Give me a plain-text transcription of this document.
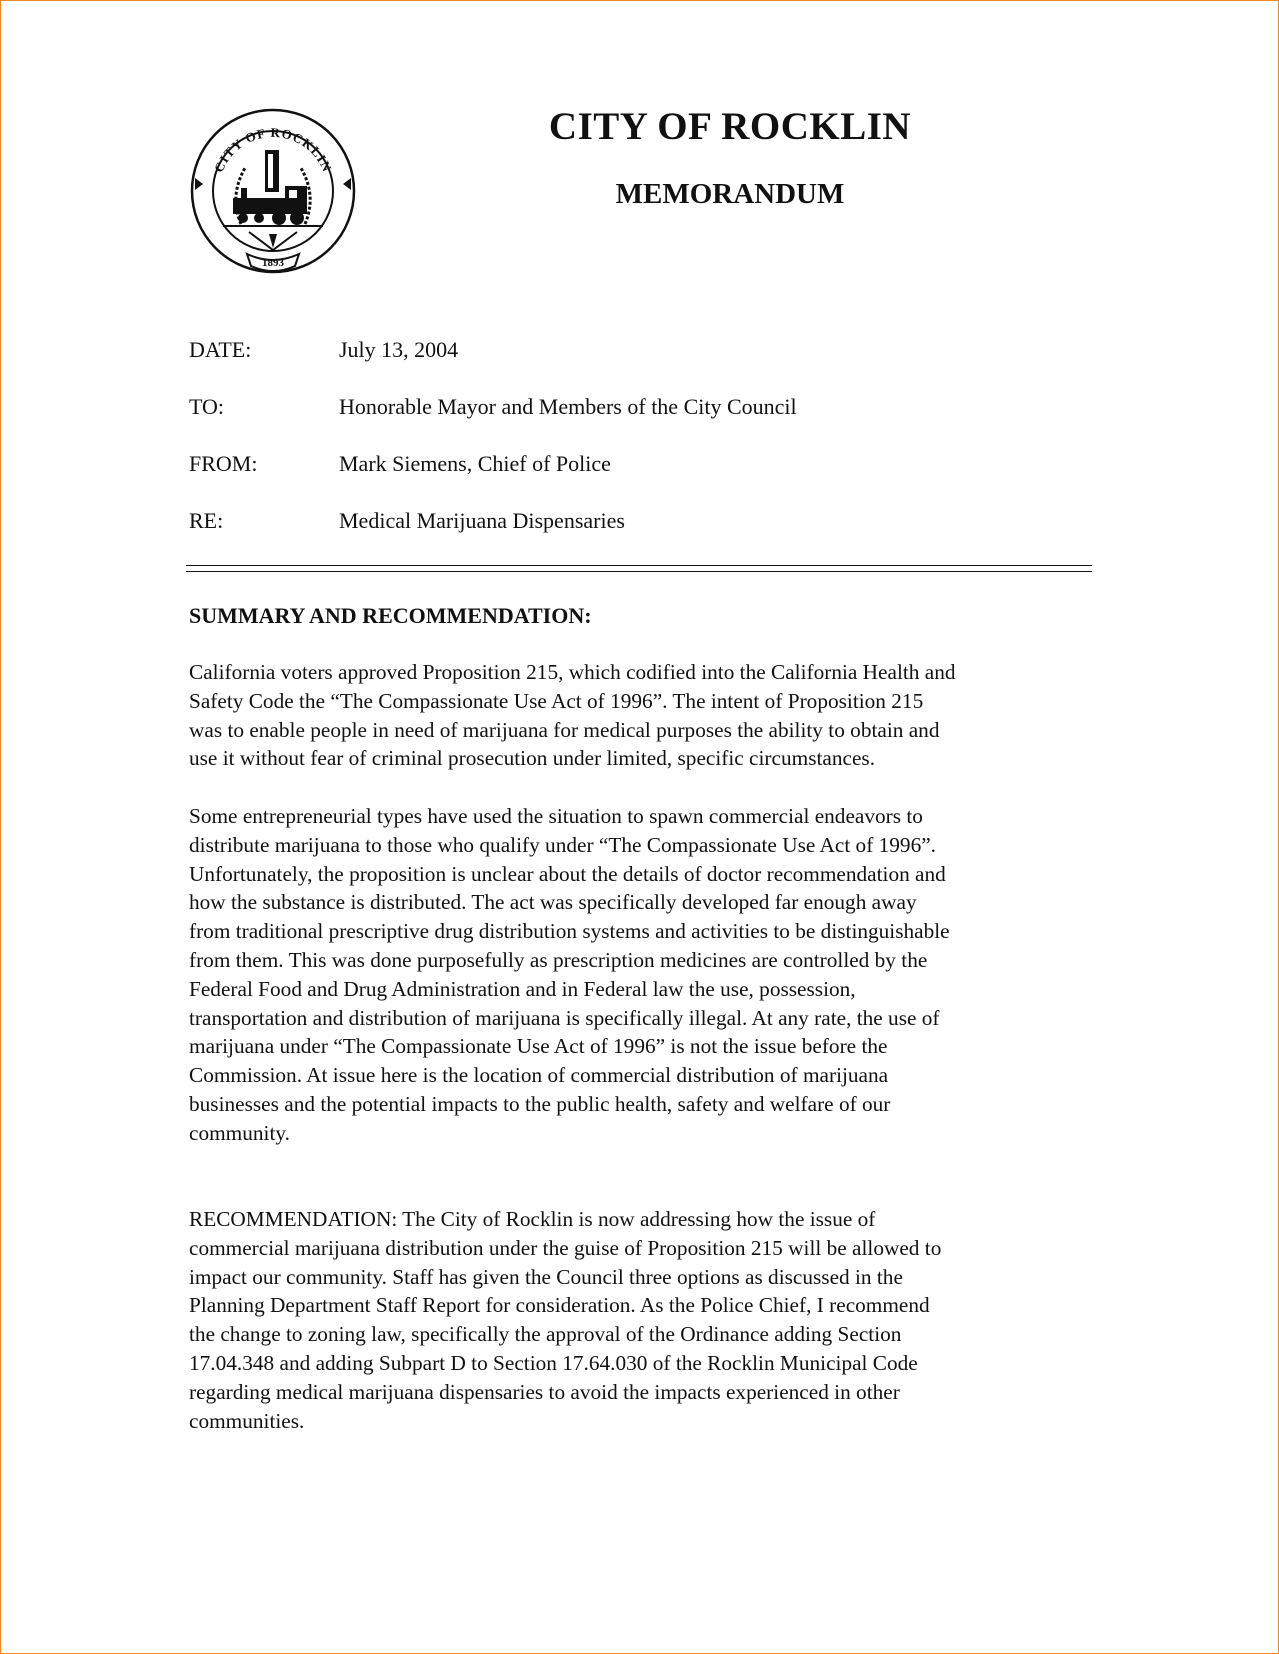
CITY OF ROCKLIN
1893
CITY OF ROCKLIN
MEMORANDUM
DATE:	July 13, 2004
TO:	Honorable Mayor and Members of the City Council
FROM:	Mark Siemens, Chief of Police
RE:	Medical Marijuana Dispensaries
SUMMARY AND RECOMMENDATION:
California voters approved Proposition 215, which codified into the California Health and
Safety Code the “The Compassionate Use Act of 1996”. The intent of Proposition 215
was to enable people in need of marijuana for medical purposes the ability to obtain and
use it without fear of criminal prosecution under limited, specific circumstances.
Some entrepreneurial types have used the situation to spawn commercial endeavors to
distribute marijuana to those who qualify under “The Compassionate Use Act of 1996”.
Unfortunately, the proposition is unclear about the details of doctor recommendation and
how the substance is distributed. The act was specifically developed far enough away
from traditional prescriptive drug distribution systems and activities to be distinguishable
from them. This was done purposefully as prescription medicines are controlled by the
Federal Food and Drug Administration and in Federal law the use, possession,
transportation and distribution of marijuana is specifically illegal. At any rate, the use of
marijuana under “The Compassionate Use Act of 1996” is not the issue before the
Commission. At issue here is the location of commercial distribution of marijuana
businesses and the potential impacts to the public health, safety and welfare of our
community.
RECOMMENDATION: The City of Rocklin is now addressing how the issue of
commercial marijuana distribution under the guise of Proposition 215 will be allowed to
impact our community. Staff has given the Council three options as discussed in the
Planning Department Staff Report for consideration. As the Police Chief, I recommend
the change to zoning law, specifically the approval of the Ordinance adding Section
17.04.348 and adding Subpart D to Section 17.64.030 of the Rocklin Municipal Code
regarding medical marijuana dispensaries to avoid the impacts experienced in other
communities.
